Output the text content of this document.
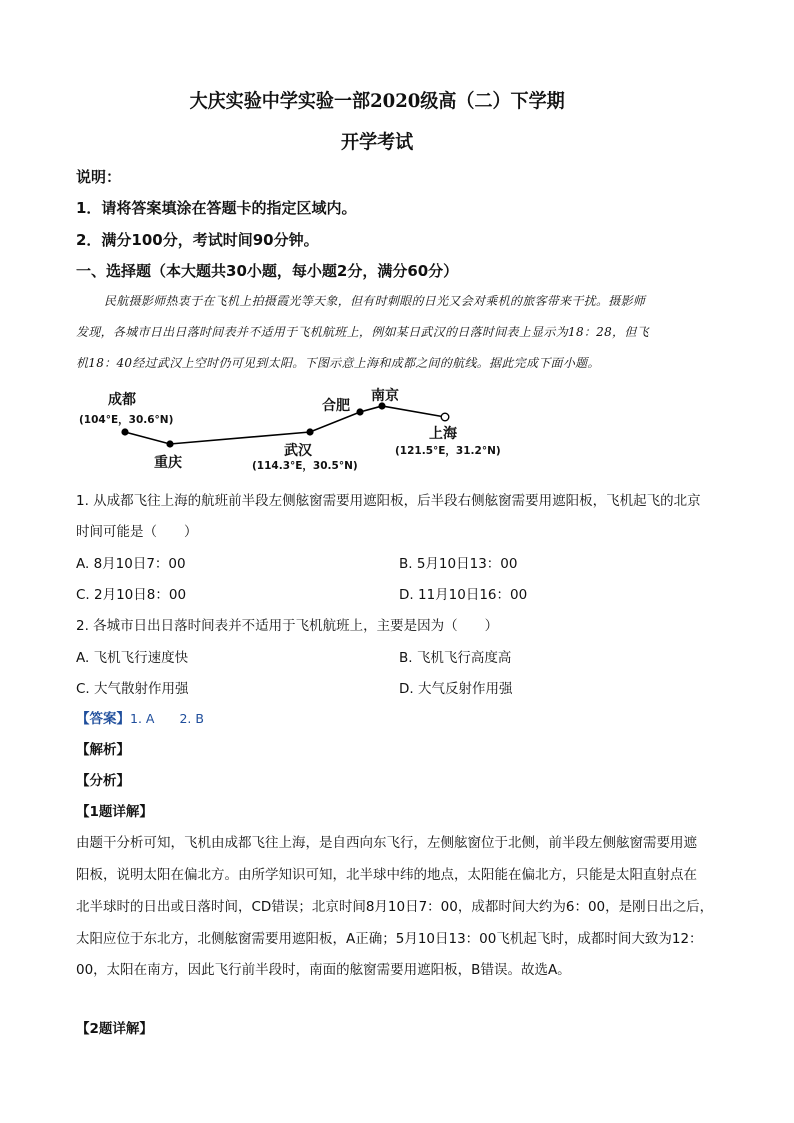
大庆实验中学实验一部2020级高（二）下学期
开学考试
说明：
1．请将答案填涂在答题卡的指定区域内。
2．满分100分，考试时间90分钟。
一、选择题（本大题共30小题，每小题2分，满分60分）
民航摄影师热衷于在飞机上拍摄霞光等天象，但有时刺眼的日光又会对乘机的旅客带来干扰。摄影师
发现，各城市日出日落时间表并不适用于飞机航班上，例如某日武汉的日落时间表上显示为18：28，但飞
机18：40经过武汉上空时仍可见到太阳。下图示意上海和成都之间的航线。据此完成下面小题。
成都
(104°E，30.6°N)
重庆
武汉
(114.3°E，30.5°N)
合肥
南京
上海
(121.5°E，31.2°N)
1. 从成都飞往上海的航班前半段左侧舷窗需要用遮阳板，后半段右侧舷窗需要用遮阳板，飞机起飞的北京
时间可能是（　　）
A. 8月10日7：00	B. 5月10日13：00
C. 2月10日8：00	D. 11月10日16：00
2. 各城市日出日落时间表并不适用于飞机航班上，主要是因为（　　）
A. 飞机飞行速度快	B. 飞机飞行高度高
C. 大气散射作用强	D. 大气反射作用强
【答案】1. A　　2. B
【解析】
【分析】
【1题详解】
由题干分析可知，飞机由成都飞往上海，是自西向东飞行，左侧舷窗位于北侧，前半段左侧舷窗需要用遮
阳板，说明太阳在偏北方。由所学知识可知，北半球中纬的地点，太阳能在偏北方，只能是太阳直射点在
北半球时的日出或日落时间，CD错误；北京时间8月10日7：00，成都时间大约为6：00，是刚日出之后，
太阳应位于东北方，北侧舷窗需要用遮阳板，A正确；5月10日13：00飞机起飞时，成都时间大致为12：
00，太阳在南方，因此飞行前半段时，南面的舷窗需要用遮阳板，B错误。故选A。
【2题详解】
